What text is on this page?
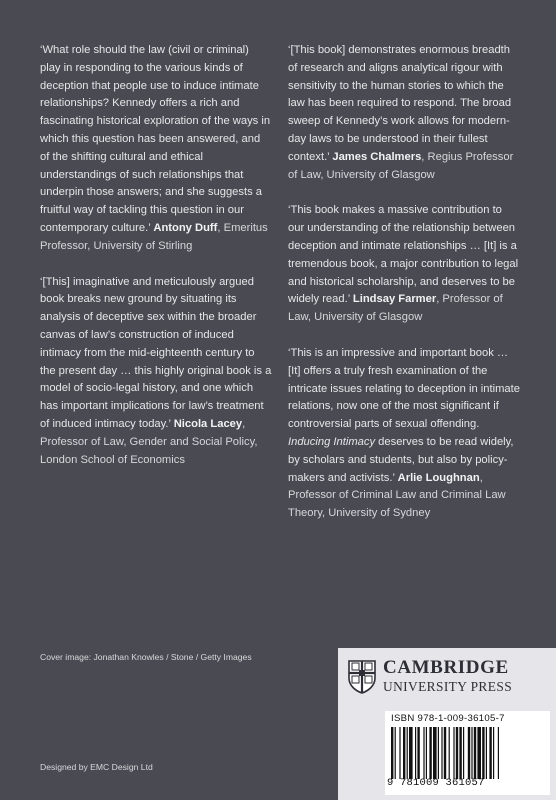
‘What role should the law (civil or criminal) play in responding to the various kinds of deception that people use to induce intimate relationships? Kennedy offers a rich and fascinating historical exploration of the ways in which this question has been answered, and of the shifting cultural and ethical understandings of such relationships that underpin those answers; and she suggests a fruitful way of tackling this question in our contemporary culture.’ Antony Duff, Emeritus Professor, University of Stirling

‘[This] imaginative and meticulously argued book breaks new ground by situating its analysis of deceptive sex within the broader canvas of law’s construction of induced intimacy from the mid-eighteenth century to the present day … this highly original book is a model of socio-legal history, and one which has important implications for law’s treatment of induced intimacy today.’ Nicola Lacey, Professor of Law, Gender and Social Policy, London School of Economics

‘[This book] demonstrates enormous breadth of research and aligns analytical rigour with sensitivity to the human stories to which the law has been required to respond. The broad sweep of Kennedy’s work allows for modern-day laws to be understood in their fullest context.’ James Chalmers, Regius Professor of Law, University of Glasgow

‘This book makes a massive contribution to our understanding of the relationship between deception and intimate relationships … [It] is a tremendous book, a major contribution to legal and historical scholarship, and deserves to be widely read.’ Lindsay Farmer, Professor of Law, University of Glasgow

‘This is an impressive and important book … [It] offers a truly fresh examination of the intricate issues relating to deception in intimate relations, now one of the most significant if controversial parts of sexual offending. Inducing Intimacy deserves to be read widely, by scholars and students, but also by policy-makers and activists.’ Arlie Loughnan, Professor of Criminal Law and Criminal Law Theory, University of Sydney

Cover image: Jonathan Knowles / Stone / Getty Images
Designed by EMC Design Ltd
CAMBRIDGE
UNIVERSITY PRESS
ISBN 978-1-009-36105-7
9 781009 361057
